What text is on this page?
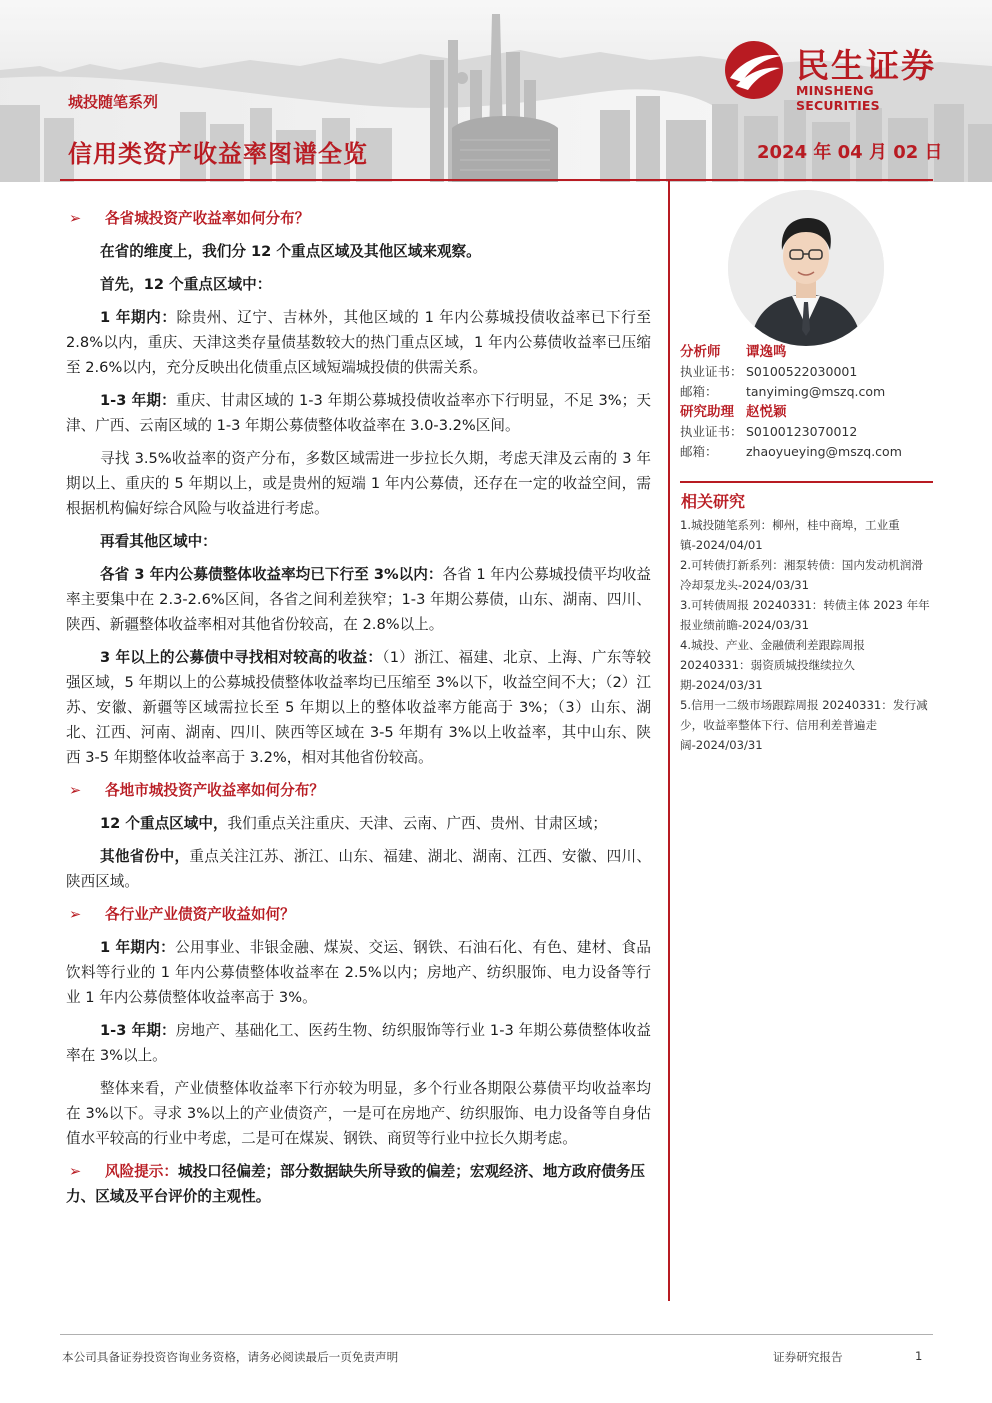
城投随笔系列
信用类资产收益率图谱全览	2024 年 04 月 02 日
民生证券
MINSHENG SECURITIES
➢	各省城投资产收益率如何分布？

在省的维度上，我们分 12 个重点区域及其他区域来观察。

首先，12 个重点区域中：

1 年期内：除贵州、辽宁、吉林外，其他区域的 1 年内公募城投债收益率已下行至 2.8%以内，重庆、天津这类存量债基数较大的热门重点区域，1 年内公募债收益率已压缩至 2.6%以内，充分反映出化债重点区域短端城投债的供需关系。

1-3 年期：重庆、甘肃区域的 1-3 年期公募城投债收益率亦下行明显，不足 3%；天津、广西、云南区域的 1-3 年期公募债整体收益率在 3.0-3.2%区间。

寻找 3.5%收益率的资产分布，多数区域需进一步拉长久期，考虑天津及云南的 3 年期以上、重庆的 5 年期以上，或是贵州的短端 1 年内公募债，还存在一定的收益空间，需根据机构偏好综合风险与收益进行考虑。

再看其他区域中：

各省 3 年内公募债整体收益率均已下行至 3%以内：各省 1 年内公募城投债平均收益率主要集中在 2.3-2.6%区间，各省之间利差狭窄；1-3 年期公募债，山东、湖南、四川、陕西、新疆整体收益率相对其他省份较高，在 2.8%以上。

3 年以上的公募债中寻找相对较高的收益：（1）浙江、福建、北京、上海、广东等较强区域，5 年期以上的公募城投债整体收益率均已压缩至 3%以下，收益空间不大；（2）江苏、安徽、新疆等区域需拉长至 5 年期以上的整体收益率方能高于 3%；（3）山东、湖北、江西、河南、湖南、四川、陕西等区域在 3-5 年期有 3%以上收益率，其中山东、陕西 3-5 年期整体收益率高于 3.2%，相对其他省份较高。

➢	各地市城投资产收益率如何分布？

12 个重点区域中，我们重点关注重庆、天津、云南、广西、贵州、甘肃区域；

其他省份中，重点关注江苏、浙江、山东、福建、湖北、湖南、江西、安徽、四川、陕西区域。

➢	各行业产业债资产收益如何？

1 年期内：公用事业、非银金融、煤炭、交运、钢铁、石油石化、有色、建材、食品饮料等行业的 1 年内公募债整体收益率在 2.5%以内；房地产、纺织服饰、电力设备等行业 1 年内公募债整体收益率高于 3%。

1-3 年期：房地产、基础化工、医药生物、纺织服饰等行业 1-3 年期公募债整体收益率在 3%以上。

整体来看，产业债整体收益率下行亦较为明显，多个行业各期限公募债平均收益率均在 3%以下。寻求 3%以上的产业债资产，一是可在房地产、纺织服饰、电力设备等自身估值水平较高的行业中考虑，二是可在煤炭、钢铁、商贸等行业中拉长久期考虑。

➢ 风险提示：城投口径偏差；部分数据缺失所导致的偏差；宏观经济、地方政府债务压力、区域及平台评价的主观性。

分析师	谭逸鸣
执业证书： S0100522030001
邮箱：	tanyiming@mszq.com
研究助理 赵悦颖
执业证书： S0100123070012
邮箱：	zhaoyueying@mszq.com
相关研究

1.城投随笔系列：柳州，桂中商埠，工业重镇-2024/04/01

2.可转债打新系列：湘泵转债：国内发动机润滑冷却泵龙头-2024/03/31

3.可转债周报 20240331：转债主体 2023 年年报业绩前瞻-2024/03/31

4.城投、产业、金融债利差跟踪周报 20240331：弱资质城投继续拉久期-2024/03/31

5.信用一二级市场跟踪周报 20240331：发行减少，收益率整体下行、信用利差普遍走阔-2024/03/31

本公司具备证券投资咨询业务资格，请务必阅读最后一页免责声明	证券研究报告	1
